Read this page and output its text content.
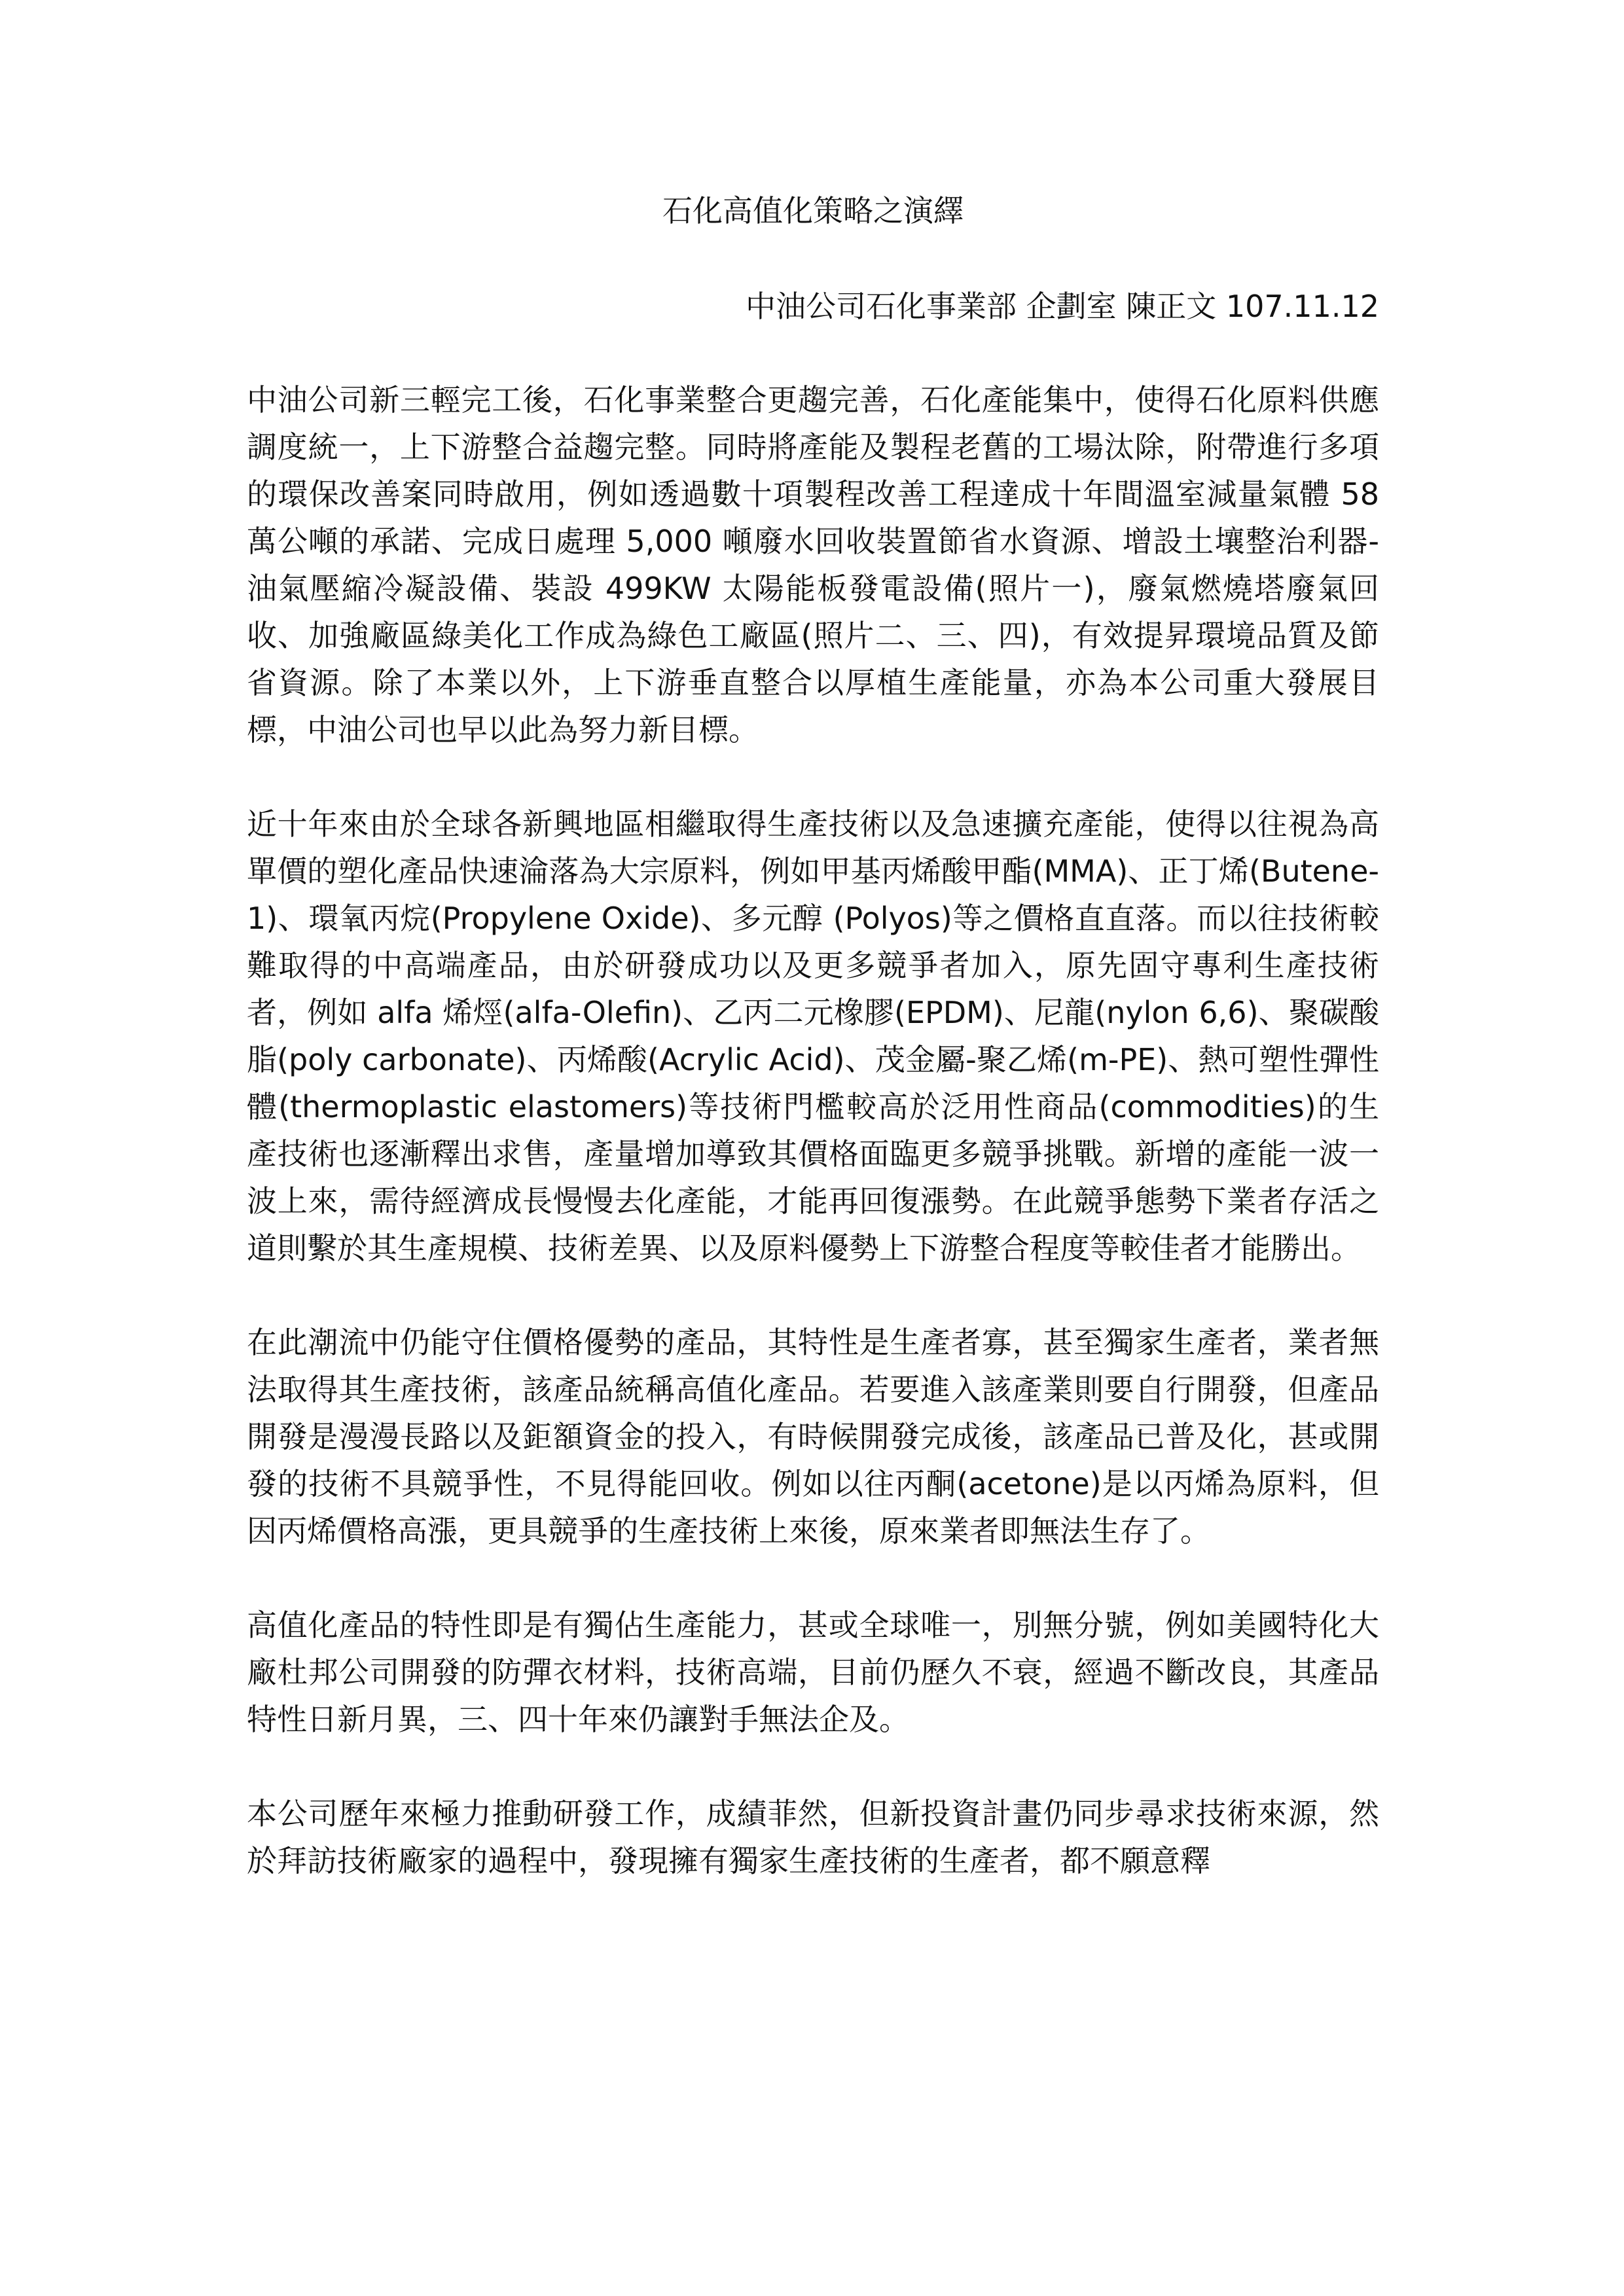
石化高值化策略之演繹
中油公司石化事業部 企劃室 陳正文 107.11.12

中油公司新三輕完工後，石化事業整合更趨完善，石化產能集中，使得石化原料供應調度統一，上下游整合益趨完整。同時將產能及製程老舊的工場汰除，附帶進行多項的環保改善案同時啟用，例如透過數十項製程改善工程達成十年間溫室減量氣體 58 萬公噸的承諾、完成日處理 5,000 噸廢水回收裝置節省水資源、增設土壤整治利器-油氣壓縮冷凝設備、裝設 499KW 太陽能板發電設備(照片一)，廢氣燃燒塔廢氣回收、加強廠區綠美化工作成為綠色工廠區(照片二、三、四)，有效提昇環境品質及節省資源。除了本業以外，上下游垂直整合以厚植生產能量，亦為本公司重大發展目標，中油公司也早以此為努力新目標。

近十年來由於全球各新興地區相繼取得生產技術以及急速擴充產能，使得以往視為高單價的塑化產品快速淪落為大宗原料，例如甲基丙烯酸甲酯(MMA)、正丁烯(Butene-1)、環氧丙烷(Propylene Oxide)、多元醇 (Polyos)等之價格直直落。而以往技術較難取得的中高端產品，由於研發成功以及更多競爭者加入，原先固守專利生產技術者，例如 alfa 烯烴(alfa-Olefin)、乙丙二元橡膠(EPDM)、尼龍(nylon 6,6)、聚碳酸脂(poly carbonate)、丙烯酸(Acrylic Acid)、茂金屬-聚乙烯(m-PE)、熱可塑性彈性體(thermoplastic elastomers)等技術門檻較高於泛用性商品(commodities)的生產技術也逐漸釋出求售，產量增加導致其價格面臨更多競爭挑戰。新增的產能一波一波上來，需待經濟成長慢慢去化產能，才能再回復漲勢。在此競爭態勢下業者存活之道則繫於其生產規模、技術差異、以及原料優勢上下游整合程度等較佳者才能勝出。

在此潮流中仍能守住價格優勢的產品，其特性是生產者寡，甚至獨家生產者，業者無法取得其生產技術，該產品統稱高值化產品。若要進入該產業則要自行開發，但產品開發是漫漫長路以及鉅額資金的投入，有時候開發完成後，該產品已普及化，甚或開發的技術不具競爭性，不見得能回收。例如以往丙酮(acetone)是以丙烯為原料，但因丙烯價格高漲，更具競爭的生產技術上來後，原來業者即無法生存了。

高值化產品的特性即是有獨佔生產能力，甚或全球唯一，別無分號，例如美國特化大廠杜邦公司開發的防彈衣材料，技術高端，目前仍歷久不衰，經過不斷改良，其產品特性日新月異，三、四十年來仍讓對手無法企及。

本公司歷年來極力推動研發工作，成績菲然，但新投資計畫仍同步尋求技術來源，然於拜訪技術廠家的過程中，發現擁有獨家生產技術的生產者，都不願意釋
